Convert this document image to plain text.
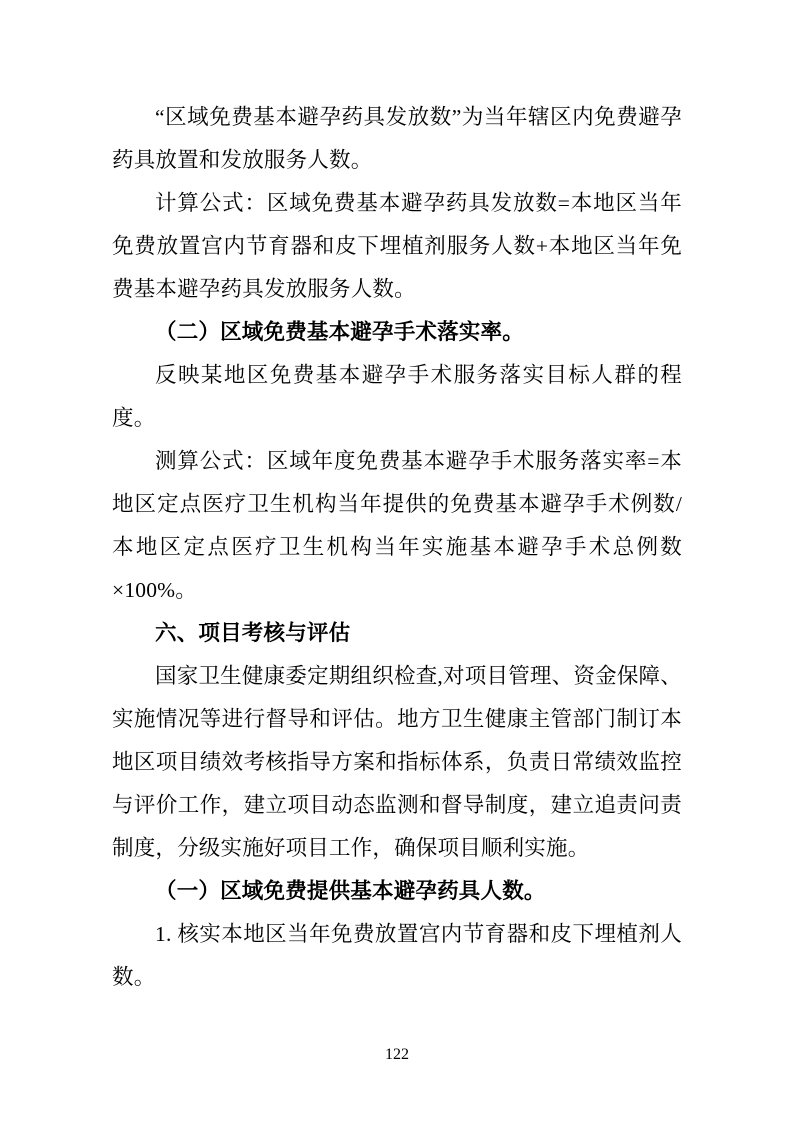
“区域免费基本避孕药具发放数”为当年辖区内免费避孕药具放置和发放服务人数。

计算公式：区域免费基本避孕药具发放数=本地区当年免费放置宫内节育器和皮下埋植剂服务人数+本地区当年免费基本避孕药具发放服务人数。

（二）区域免费基本避孕手术落实率。

反映某地区免费基本避孕手术服务落实目标人群的程度。

测算公式：区域年度免费基本避孕手术服务落实率=本地区定点医疗卫生机构当年提供的免费基本避孕手术例数/本地区定点医疗卫生机构当年实施基本避孕手术总例数×100%。

六、项目考核与评估

国家卫生健康委定期组织检查,对项目管理、资金保障、实施情况等进行督导和评估。地方卫生健康主管部门制订本地区项目绩效考核指导方案和指标体系，负责日常绩效监控与评价工作，建立项目动态监测和督导制度，建立追责问责制度，分级实施好项目工作，确保项目顺利实施。

（一）区域免费提供基本避孕药具人数。

1. 核实本地区当年免费放置宫内节育器和皮下埋植剂人数。

122
